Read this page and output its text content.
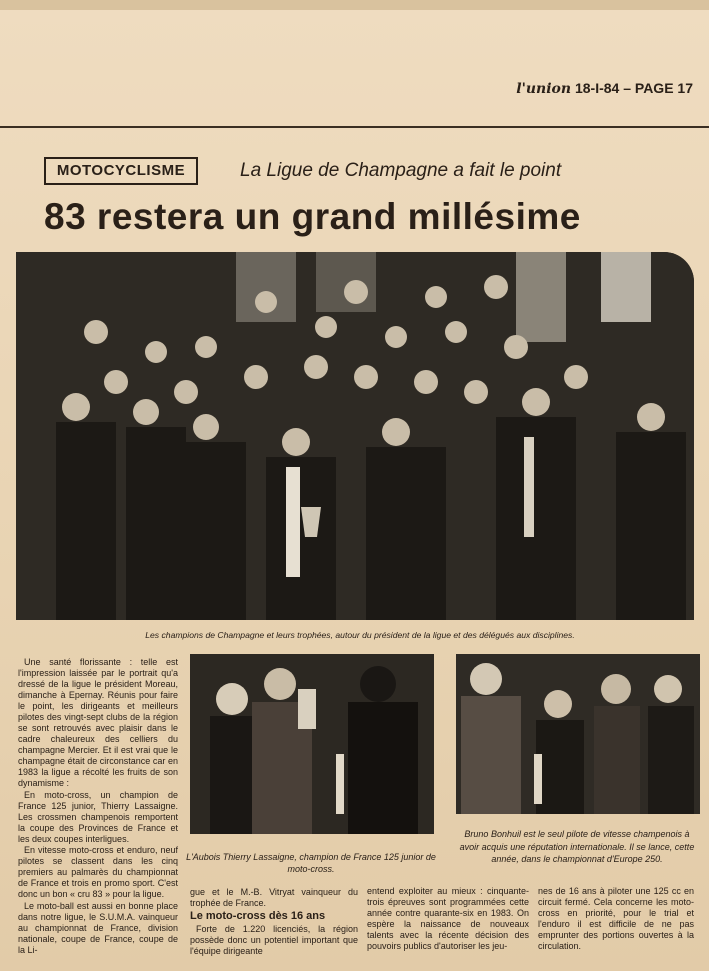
l'union 18-I-84 – PAGE 17
MOTOCYCLISME	La Ligue de Champagne a fait le point
83 restera un grand millésime
Les champions de Champagne et leurs trophées, autour du président de la ligue et des délégués aux disciplines.

Une santé florissante : telle est l'impression laissée par le portrait qu'a dressé de la ligue le président Moreau, dimanche à Epernay. Réunis pour faire le point, les dirigeants et meilleurs pilotes des vingt-sept clubs de la région se sont retrouvés avec plaisir dans le cadre chaleureux des celliers du champagne Mercier. Et il est vrai que le champagne était de circonstance car en 1983 la ligue a récolté les fruits de son dynamisme :

En moto-cross, un champion de France 125 junior, Thierry Lassaigne. Les crossmen champenois remportent la coupe des Provinces de France et les deux coupes interligues.

En vitesse moto-cross et enduro, neuf pilotes se classent dans les cinq premiers au palmarès du championnat de France et trois en promo sport. C'est donc un bon « cru 83 » pour la ligue.

Le moto-ball est aussi en bonne place dans notre ligue, le S.U.M.A. vainqueur au championnat de France, division nationale, coupe de France, coupe de la Li-

L'Aubois Thierry Lassaigne, champion de France 125 junior de moto-cross.
Bruno Bonhuil est le seul pilote de vitesse champenois à avoir acquis une réputation internationale. Il se lance, cette année, dans le championnat d'Europe 250.

gue et le M.-B. Vitryat vainqueur du trophée de France.

Le moto-cross dès 16 ans

Forte de 1.220 licenciés, la région possède donc un potentiel important que l'équipe dirigeante

entend exploiter au mieux : cinquante-trois épreuves sont programmées cette année contre quarante-six en 1983. On espère la naissance de nouveaux talents avec la récente décision des pouvoirs publics d'autoriser les jeu-

nes de 16 ans à piloter une 125 cc en circuit fermé. Cela concerne les moto-cross en priorité, pour le trial et l'enduro il est difficile de ne pas emprunter des portions ouvertes à la circulation.
